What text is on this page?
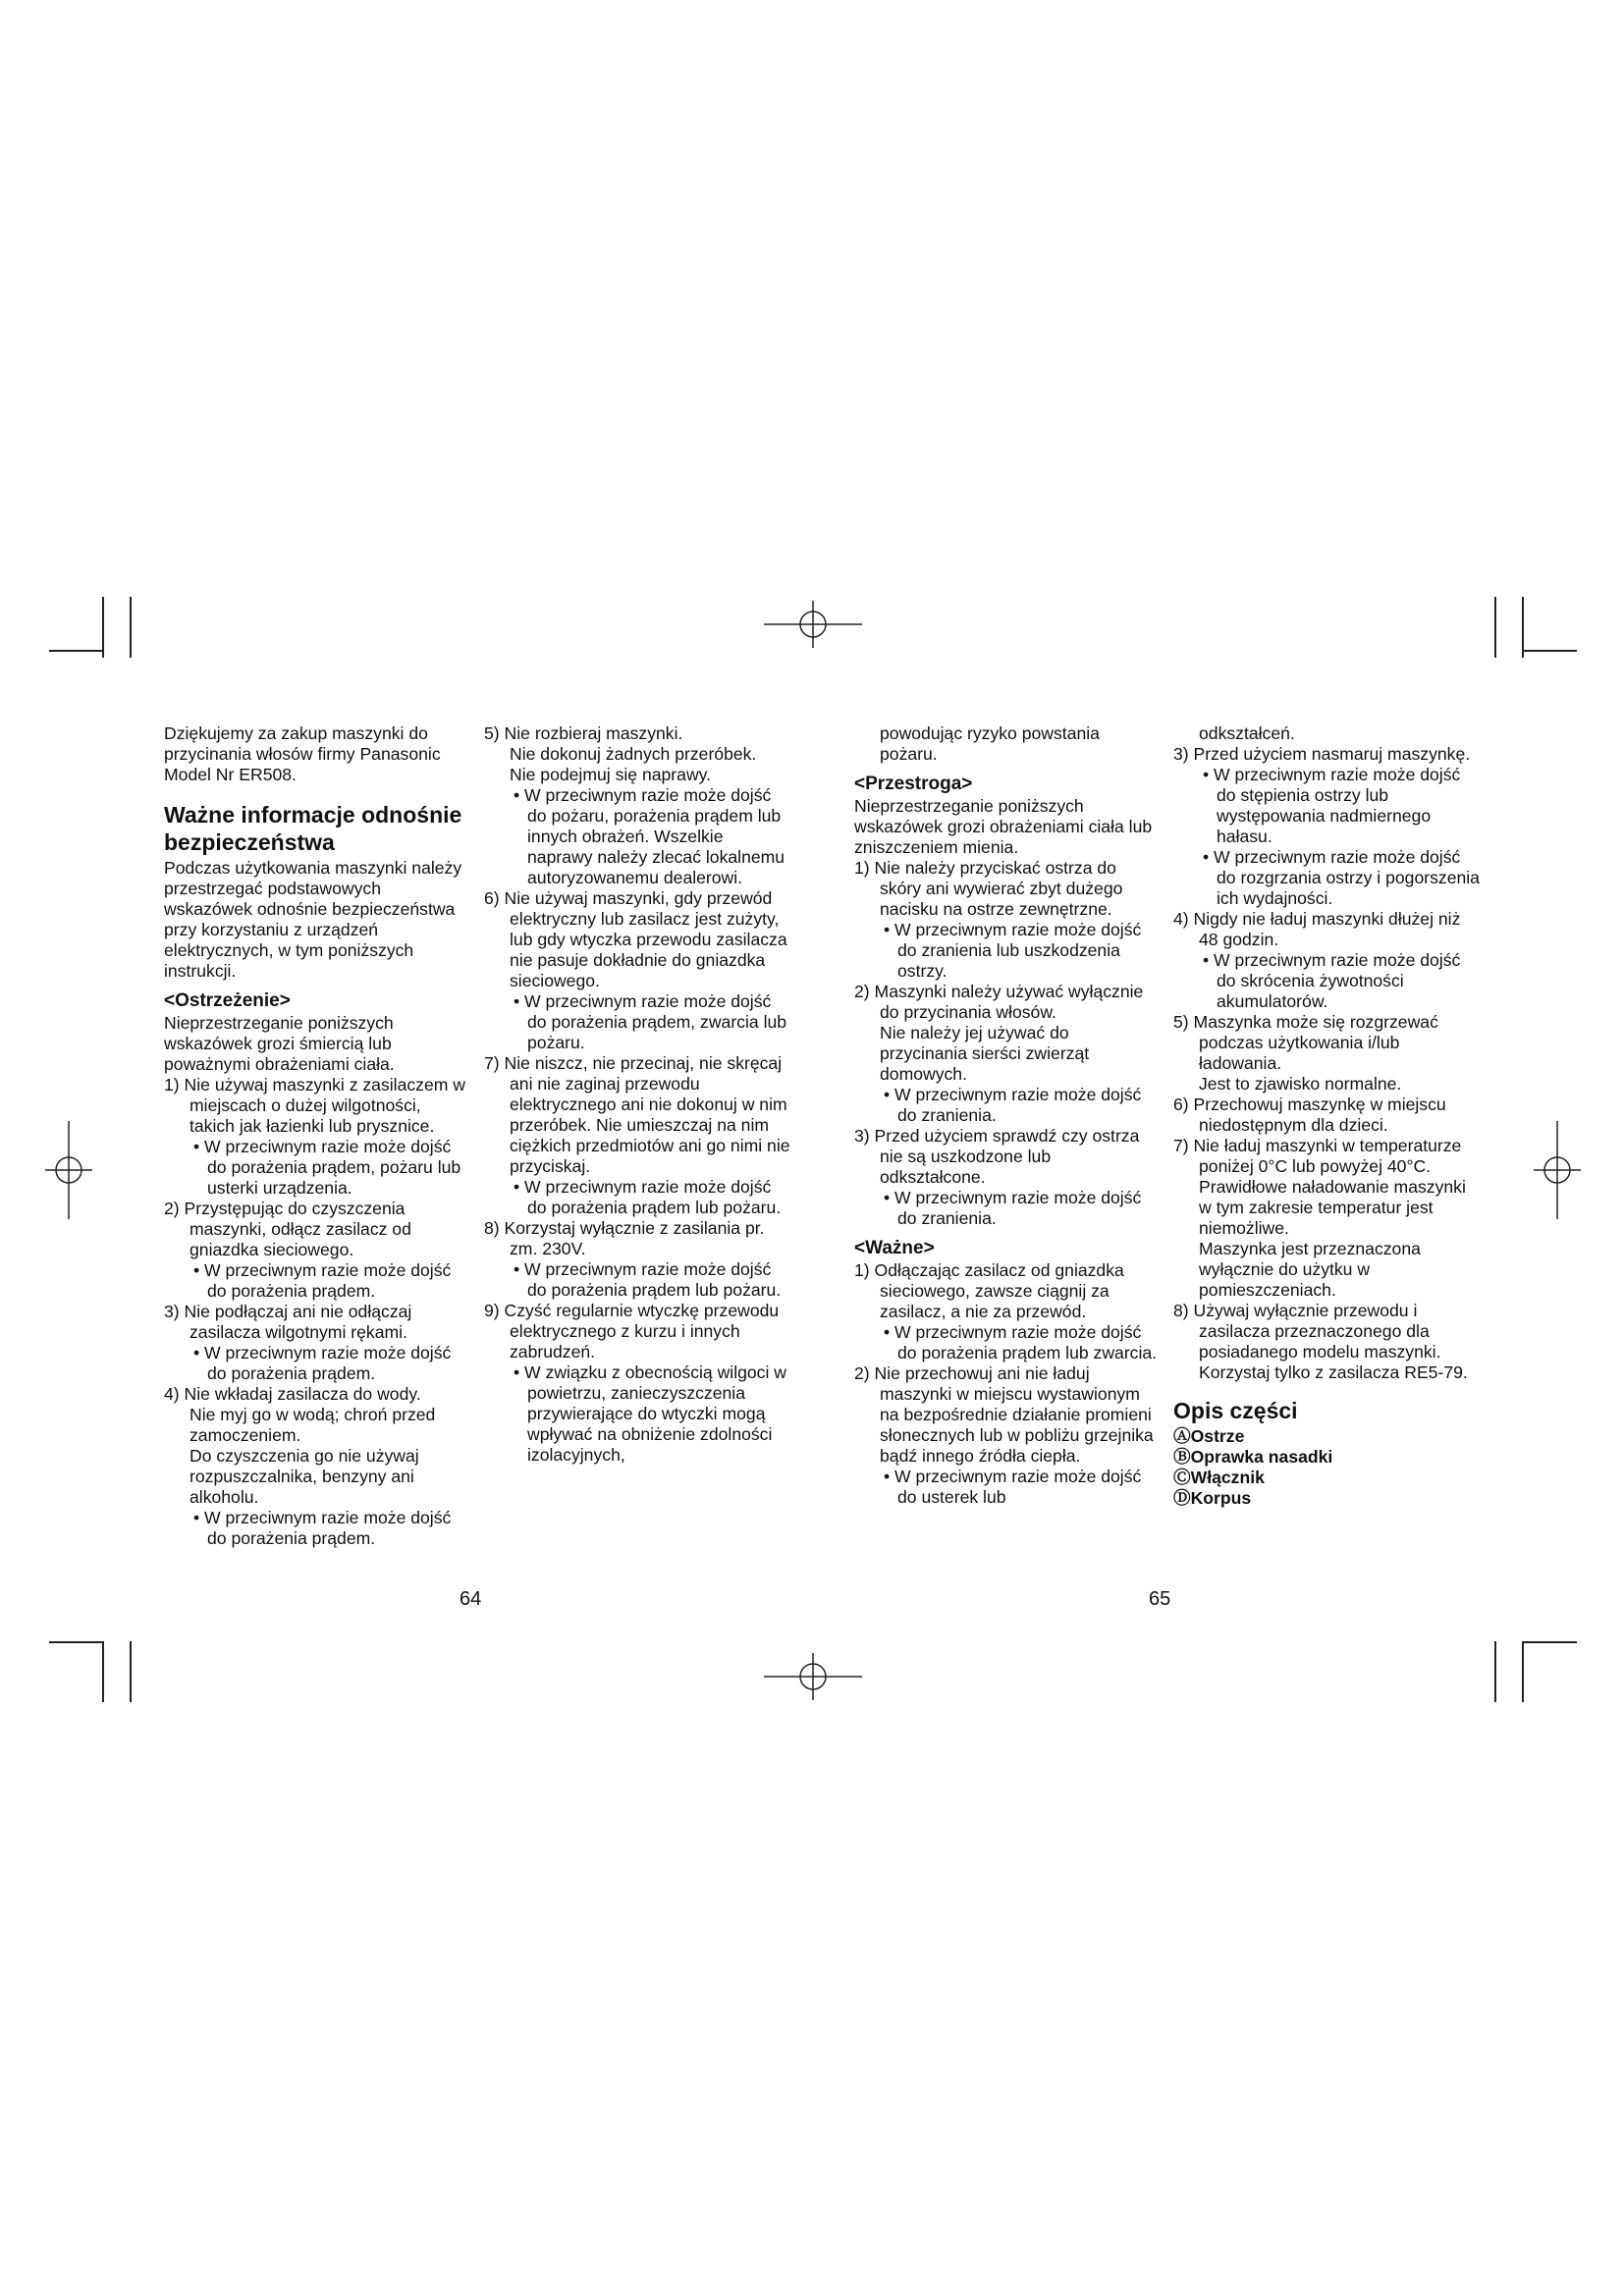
Dziękujemy za zakup maszynki do przycinania włosów firmy Panasonic Model Nr ER508.

Ważne informacje odnośnie bezpieczeństwa

Podczas użytkowania maszynki należy przestrzegać podstawowych wskazówek odnośnie bezpieczeństwa przy korzystaniu z urządzeń elektrycznych, w tym poniższych instrukcji.

<Ostrzeżenie>

Nieprzestrzeganie poniższych wskazówek grozi śmiercią lub poważnymi obrażeniami ciała.

1) Nie używaj maszynki z zasilaczem w miejscach o dużej wilgotności, takich jak łazienki lub prysznice.

• W przeciwnym razie może dojść do porażenia prądem, pożaru lub usterki urządzenia.

2) Przystępując do czyszczenia maszynki, odłącz zasilacz od gniazdka sieciowego.

• W przeciwnym razie może dojść do porażenia prądem.

3) Nie podłączaj ani nie odłączaj zasilacza wilgotnymi rękami.

• W przeciwnym razie może dojść do porażenia prądem.

4) Nie wkładaj zasilacza do wody.

Nie myj go w wodą; chroń przed zamoczeniem.

Do czyszczenia go nie używaj rozpuszczalnika, benzyny ani alkoholu.

• W przeciwnym razie może dojść do porażenia prądem.

5) Nie rozbieraj maszynki.

Nie dokonuj żadnych przeróbek.

Nie podejmuj się naprawy.

• W przeciwnym razie może dojść do pożaru, porażenia prądem lub innych obrażeń. Wszelkie naprawy należy zlecać lokalnemu autoryzowanemu dealerowi.

6) Nie używaj maszynki, gdy przewód elektryczny lub zasilacz jest zużyty, lub gdy wtyczka przewodu zasilacza nie pasuje dokładnie do gniazdka sieciowego.

• W przeciwnym razie może dojść do porażenia prądem, zwarcia lub pożaru.

7) Nie niszcz, nie przecinaj, nie skręcaj ani nie zaginaj przewodu elektrycznego ani nie dokonuj w nim przeróbek. Nie umieszczaj na nim ciężkich przedmiotów ani go nimi nie przyciskaj.

• W przeciwnym razie może dojść do porażenia prądem lub pożaru.

8) Korzystaj wyłącznie z zasilania pr. zm. 230V.

• W przeciwnym razie może dojść do porażenia prądem lub pożaru.

9) Czyść regularnie wtyczkę przewodu elektrycznego z kurzu i innych zabrudzeń.

• W związku z obecnością wilgoci w powietrzu, zanieczyszczenia przywierające do wtyczki mogą wpływać na obniżenie zdolności izolacyjnych,

powodując ryzyko powstania pożaru.

<Przestroga>

Nieprzestrzeganie poniższych wskazówek grozi obrażeniami ciała lub zniszczeniem mienia.

1) Nie należy przyciskać ostrza do skóry ani wywierać zbyt dużego nacisku na ostrze zewnętrzne.

• W przeciwnym razie może dojść do zranienia lub uszkodzenia ostrzy.

2) Maszynki należy używać wyłącznie do przycinania włosów.

Nie należy jej używać do przycinania sierści zwierząt domowych.

• W przeciwnym razie może dojść do zranienia.

3) Przed użyciem sprawdź czy ostrza nie są uszkodzone lub odkształcone.

• W przeciwnym razie może dojść do zranienia.

<Ważne>

1) Odłączając zasilacz od gniazdka sieciowego, zawsze ciągnij za zasilacz, a nie za przewód.

• W przeciwnym razie może dojść do porażenia prądem lub zwarcia.

2) Nie przechowuj ani nie ładuj maszynki w miejscu wystawionym na bezpośrednie działanie promieni słonecznych lub w pobliżu grzejnika bądź innego źródła ciepła.

• W przeciwnym razie może dojść do usterek lub

odkształceń.

3) Przed użyciem nasmaruj maszynkę.

• W przeciwnym razie może dojść do stępienia ostrzy lub występowania nadmiernego hałasu.

• W przeciwnym razie może dojść do rozgrzania ostrzy i pogorszenia ich wydajności.

4) Nigdy nie ładuj maszynki dłużej niż 48 godzin.

• W przeciwnym razie może dojść do skrócenia żywotności akumulatorów.

5) Maszynka może się rozgrzewać podczas użytkowania i/lub ładowania.

Jest to zjawisko normalne.

6) Przechowuj maszynkę w miejscu niedostępnym dla dzieci.

7) Nie ładuj maszynki w temperaturze poniżej 0°C lub powyżej 40°C. Prawidłowe naładowanie maszynki w tym zakresie temperatur jest niemożliwe.

Maszynka jest przeznaczona wyłącznie do użytku w pomieszczeniach.

8) Używaj wyłącznie przewodu i zasilacza przeznaczonego dla posiadanego modelu maszynki. Korzystaj tylko z zasilacza RE5-79.

Opis części

ⒶOstrze

ⒷOprawka nasadki

ⒸWłącznik

ⒹKorpus

64	65
